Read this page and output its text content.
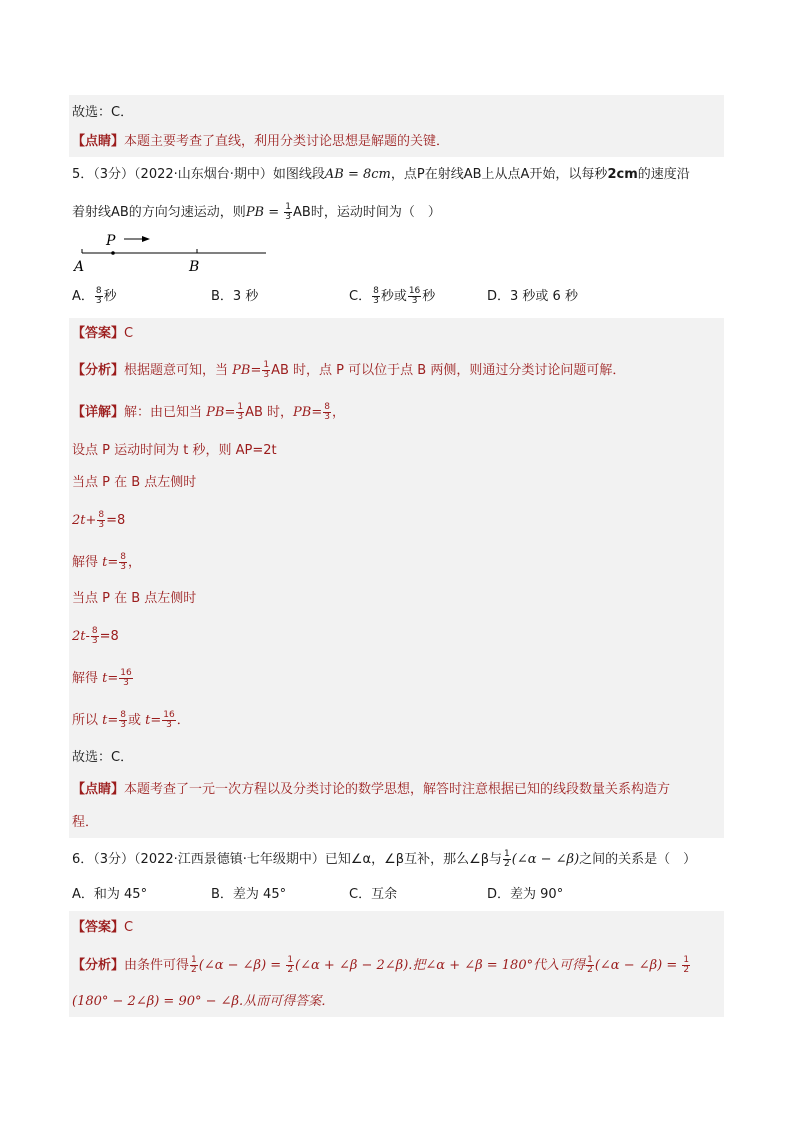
故选：C．
【点睛】本题主要考查了直线，利用分类讨论思想是解题的关键．
5．（3分）（2022·山东烟台·期中）如图线段AB = 8cm，点P在射线AB上从点A开始，以每秒2cm的速度沿
着射线AB的方向匀速运动，则PB = $\frac{1}{3}$ AB时，运动时间为（　）
P
A	B
A． $\frac{8}{3}$ 秒	B．3 秒	C． $\frac{8}{3}$ 秒或 $\frac{16}{3}$ 秒	D．3 秒或 6 秒
【答案】C
【分析】根据题意可知，当 $PB= \frac{1}{3}$ AB 时，点 P 可以位于点 B 两侧，则通过分类讨论问题可解．
【详解】解：由已知当 $PB= \frac{1}{3}$ AB 时，$PB= \frac{8}{3}$ ，
设点 P 运动时间为 t 秒，则 AP=2t
当点 P 在 B 点左侧时
$2t+ \frac{8}{3} =8$
解得 $t= \frac{8}{3}$ ，
当点 P 在 B 点左侧时
$2t- \frac{8}{3} =8$
解得 $t= \frac{16}{3}$
所以 $t= \frac{8}{3}$ 或 $t= \frac{16}{3}$ ．
故选：C．
【点睛】本题考查了一元一次方程以及分类讨论的数学思想，解答时注意根据已知的线段数量关系构造方
程．
6．（3分）（2022·江西景德镇·七年级期中）已知∠α，∠β互补，那么∠β与 $\frac{1}{2}$ (∠α − ∠β)之间的关系是（　）
A．和为 45°	B．差为 45°	C．互余	D．差为 90°
【答案】C
【分析】由条件可得 $\frac{1}{2}$ (∠α − ∠β) = $\frac{1}{2}$ (∠α + ∠β − 2∠β).把∠α + ∠β = 180°代入可得 $\frac{1}{2}$ (∠α − ∠β) = $\frac{1}{2}$
(180° − 2∠β) = 90° − ∠β.从而可得答案．
